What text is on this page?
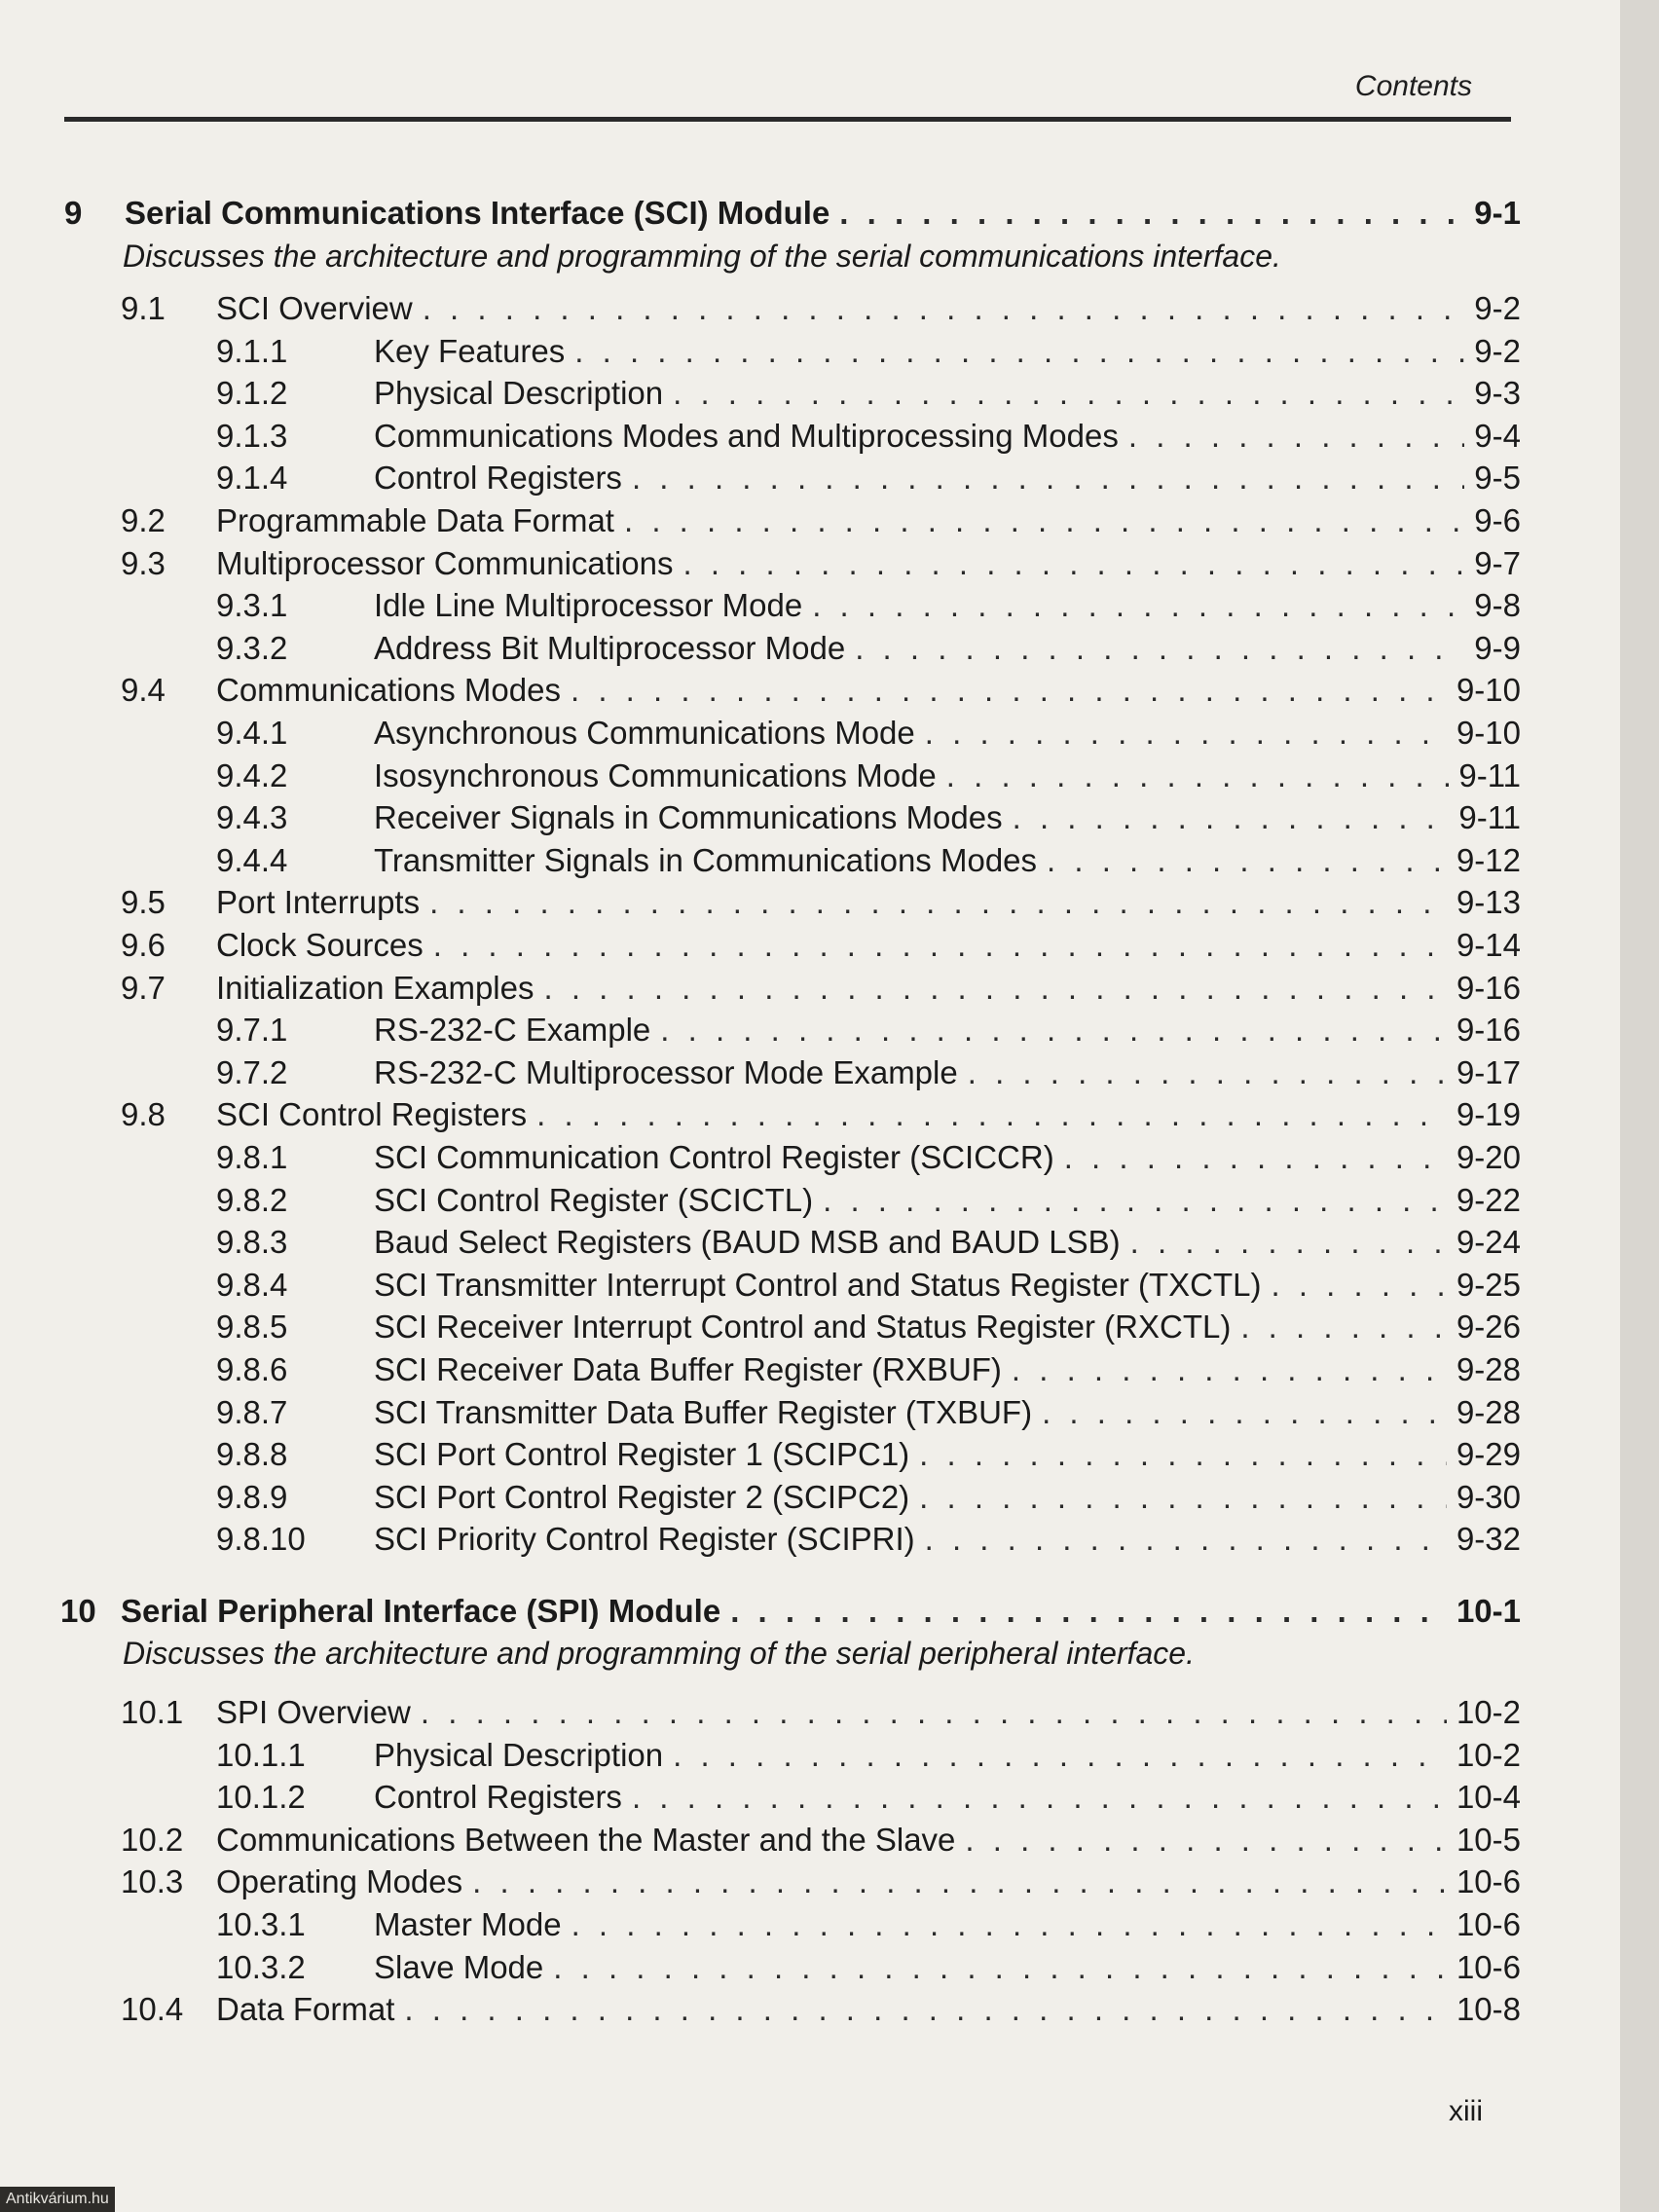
Contents
9	Serial Communications Interface (SCI) Module . . .	9-1
Discusses the architecture and programming of the serial communications interface.
9.1	SCI Overview . . .	9-2
9.1.1	Key Features . . .	9-2
9.1.2	Physical Description . . .	9-3
9.1.3	Communications Modes and Multiprocessing Modes . . .	9-4
9.1.4	Control Registers . . .	9-5
9.2	Programmable Data Format . . .	9-6
9.3	Multiprocessor Communications . . .	9-7
9.3.1	Idle Line Multiprocessor Mode . . .	9-8
9.3.2	Address Bit Multiprocessor Mode . . .	9-9
9.4	Communications Modes . . .	9-10
9.4.1	Asynchronous Communications Mode . . .	9-10
9.4.2	Isosynchronous Communications Mode . . .	9-11
9.4.3	Receiver Signals in Communications Modes . . .	9-11
9.4.4	Transmitter Signals in Communications Modes . . .	9-12
9.5	Port Interrupts . . .	9-13
9.6	Clock Sources . . .	9-14
9.7	Initialization Examples . . .	9-16
9.7.1	RS-232-C Example . . .	9-16
9.7.2	RS-232-C Multiprocessor Mode Example . . .	9-17
9.8	SCI Control Registers . . .	9-19
9.8.1	SCI Communication Control Register (SCICCR) . . .	9-20
9.8.2	SCI Control Register (SCICTL) . . .	9-22
9.8.3	Baud Select Registers (BAUD MSB and BAUD LSB) . . .	9-24
9.8.4	SCI Transmitter Interrupt Control and Status Register (TXCTL) . . .	9-25
9.8.5	SCI Receiver Interrupt Control and Status Register (RXCTL) . . .	9-26
9.8.6	SCI Receiver Data Buffer Register (RXBUF) . . .	9-28
9.8.7	SCI Transmitter Data Buffer Register (TXBUF) . . .	9-28
9.8.8	SCI Port Control Register 1 (SCIPC1) . . .	9-29
9.8.9	SCI Port Control Register 2 (SCIPC2) . . .	9-30
9.8.10	SCI Priority Control Register (SCIPRI) . . .	9-32
10 Serial Peripheral Interface (SPI) Module . . .	10-1
Discusses the architecture and programming of the serial peripheral interface.
10.1	SPI Overview . . .	10-2
10.1.1	Physical Description . . .	10-2
10.1.2	Control Registers . . .	10-4
10.2	Communications Between the Master and the Slave . . .	10-5
10.3	Operating Modes . . .	10-6
10.3.1	Master Mode . . .	10-6
10.3.2	Slave Mode . . .	10-6
10.4	Data Format . . .	10-8
xiii
Antikvárium.hu
